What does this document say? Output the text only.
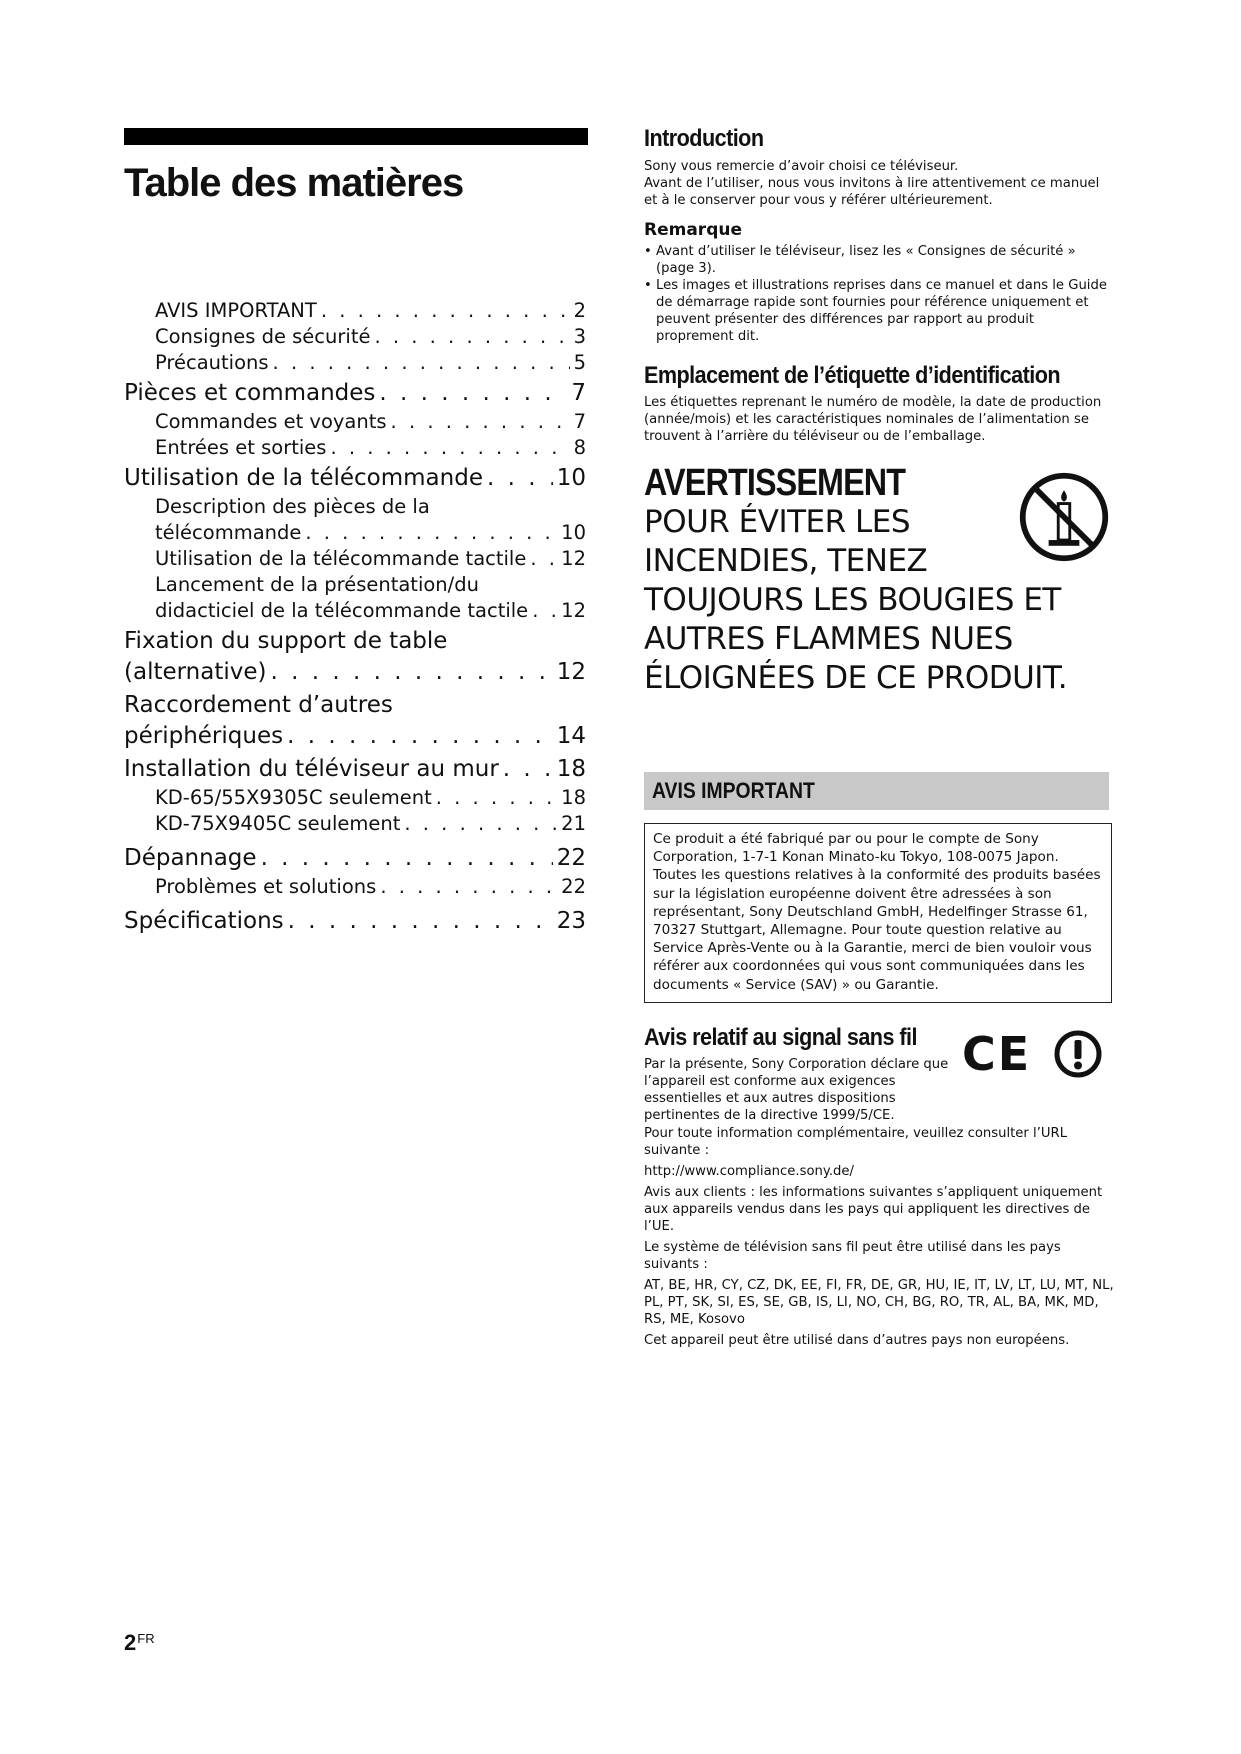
Table des matières
AVIS IMPORTANT . . .	2
Consignes de sécurité . . .	3
Précautions . . .	5
Pièces et commandes . . .	7
Commandes et voyants . . .	7
Entrées et sorties . . .	8
Utilisation de la télécommande . . .	10
Description des pièces de la
télécommande . . .	10
Utilisation de la télécommande tactile . . . 12
Lancement de la présentation/du
didacticiel de la télécommande tactile . . . 12
Fixation du support de table
(alternative) . . .	12
Raccordement d’autres
périphériques . . .	14
Installation du téléviseur au mur . . .	18
KD-65/55X9305C seulement . . .	18
KD-75X9405C seulement . . .	21
Dépannage . . .	22
Problèmes et solutions . . .	22
Spécifications . . .	23
$2^{FR}$
Introduction

Sony vous remercie d’avoir choisi ce téléviseur.

Avant de l’utiliser, nous vous invitons à lire attentivement ce manuel et à le conserver pour vous y référer ultérieurement.

Remarque
• Avant d’utiliser le téléviseur, lisez les « Consignes de sécurité » (page 3).
• Les images et illustrations reprises dans ce manuel et dans le Guide de démarrage rapide sont fournies pour référence uniquement et peuvent présenter des différences par rapport au produit proprement dit.
Emplacement de l’étiquette d’identification

Les étiquettes reprenant le numéro de modèle, la date de production (année/mois) et les caractéristiques nominales de l’alimentation se trouvent à l’arrière du téléviseur ou de l’emballage.

AVERTISSEMENT
POUR ÉVITER LES
INCENDIES, TENEZ
TOUJOURS LES BOUGIES ET
AUTRES FLAMMES NUES
ÉLOIGNÉES DE CE PRODUIT.
AVIS IMPORTANT

Ce produit a été fabriqué par ou pour le compte de Sony Corporation, 1-7-1 Konan Minato-ku Tokyo, 108-0075 Japon. Toutes les questions relatives à la conformité des produits basées sur la législation européenne doivent être adressées à son représentant, Sony Deutschland GmbH, Hedelfinger Strasse 61, 70327 Stuttgart, Allemagne. Pour toute question relative au Service Après-Vente ou à la Garantie, merci de bien vouloir vous référer aux coordonnées qui vous sont communiquées dans les documents « Service (SAV) » ou Garantie.

Avis relatif au signal sans fil CE

Par la présente, Sony Corporation déclare que l’appareil est conforme aux exigences essentielles et aux autres dispositions pertinentes de la directive 1999/5/CE.

Pour toute information complémentaire, veuillez consulter l’URL suivante :

http://www.compliance.sony.de/

Avis aux clients : les informations suivantes s’appliquent uniquement aux appareils vendus dans les pays qui appliquent les directives de l’UE.

Le système de télévision sans fil peut être utilisé dans les pays suivants :

AT, BE, HR, CY, CZ, DK, EE, FI, FR, DE, GR, HU, IE, IT, LV, LT, LU, MT, NL, PL, PT, SK, SI, ES, SE, GB, IS, LI, NO, CH, BG, RO, TR, AL, BA, MK, MD, RS, ME, Kosovo

Cet appareil peut être utilisé dans d’autres pays non européens.
